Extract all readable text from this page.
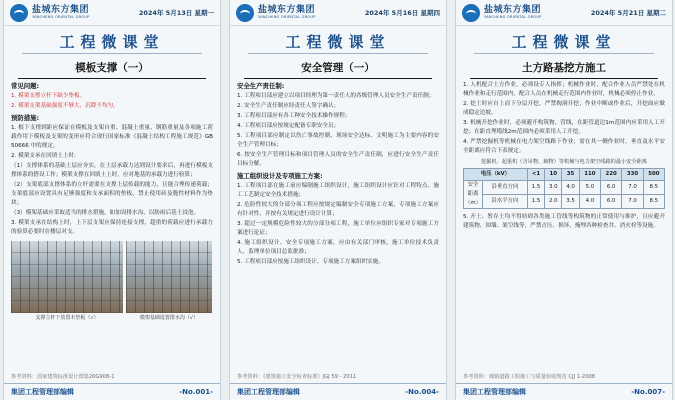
盐城东方集团
YANCHENG ORIENTAL GROUP	2024年 5月13日 星期一
工程微课堂
模板支撑（一）
常见问题:
1. 模架支撑立杆下缺少垫板。
2. 模架支架基础强度不够大，沉降不均匀。
预防措施:
1. 根下支撑到距应保证在模板及支架自重、混凝土重量、钢筋重量及各项施工荷载作用下模板及支架的变形应符合现行国家标准《混凝土结构工程施工规范》GB 50666 中的规定。
2. 模架支承在回填土上时:
（1）支撑体系的基础土层应夯实，在土层承载力达到设计要求后，再进行模板支撑体系的搭设工作；模架支撑在回填土上时，应对地基的承载力进行验算；
（2）支架底部支撑体系的立杆需要在支撑上层传载的能力，且能合理传递荷载；支架底部应设置具有足够强度和支承面积的垫板，禁止使用砖及脆性材料作为垫块；
（3）模架基础应采取适当的排水措施，如加设排水沟，以防雨后基土浸泡。
3. 模架支承在结构上时，上下层支架应保持连接支撑，超重的荷载应进行承载力的验算必要时在楼层对支。
支撑立杆下放置木垫板（√）	模架基础设置排水沟（√）
参考资料：国家建筑标准设计图集20G908-1
集团工程管理部编辑	-No.001-
盐城东方集团
YANCHENG ORIENTAL GROUP	2024年 5月16日 星期四
工程微课堂
安全管理（一）
安全生产责任制:
1. 工程项目部应建立以项目经理为第一责任人的各级管理人员安全生产责任制；
2. 安全生产责任制应经责任人签字确认；
3. 工程项目部应有各工种安全技术操作规程；
4. 工程项目部应按规定配备专职安全员；
5. 工程项目部应制定以伤亡事故控制、现场安全达标、文明施工为主要内容的安全生产管理目标；
6. 按安全生产管理目标和项目管理人员的安全生产责任制，应进行安全生产责任目标分解。
施工组织设计及专项施工方案:
1. 工程项目部在施工前应编制施工组织设计，施工组织设计应针对工程特点、施工工艺制定安全技术措施；
2. 危险性较大的分部分项工程应按规定编制安全专项施工方案，专项施工方案应有针对性，并按有关规定进行设计计算；
3. 超过一定规模危险性较大的分部分项工程，施工单位应组织专家对专项施工方案进行论证；
4. 施工组织设计、安全专项施工方案，应由有关部门审核，施工单位技术负责人、监理单位项目总监批准；
5. 工程项目部应按施工组织设计、专项施工方案组织实施。
参考资料：《建筑施工安全检查标准》JGJ 59 - 2011
集团工程管理部编辑	-No.004-
盐城东方集团
YANCHENG ORIENTAL GROUP	2024年 5月21日 星期二
工程微课堂
土方路基挖方施工
1. 人机配合土方作业，必须设专人指挥；机械作业时，配合作业人员严禁处在机械作业和走行范围内，配合人员在机械走行范围内作业时，机械必须停止作业。
2. 挖土时应自上而下分层开挖，严禁掏洞开挖；作业中断或作业后，开挖面应做成稳定边坡。
3. 机械开挖作业时，必须避开构筑物、管线，在距管道边1m范围内应采用人工开挖；在距直埋缆线2m范围内必须采用人工开挖。
4. 严禁挖掘机等机械在电力架空线路下作业；需在其一侧作业时，垂直及水平安全距离应符合下表规定。
挖掘机、起重机（含吊物、载物）等机械与电力架空线路的最小安全距离
电压（kV）		<1	10	35	110	220	330	500
安全距离（m）	沿垂直方向	1.5	3.0	4.0	5.0	6.0	7.0	8.5
	沿水平方向	1.5	2.0	3.5	4.0	6.0	7.0	8.5
5. 开土、暂存土均不得妨碍各类施工管线等构筑物的正常使用与维护，且应避开建筑物、围墙、架空线等，严禁占压、损坏、掩埋各种检查井、消火栓等设施。
参考资料：城镇道路工程施工与质量验收规范 CJJ 1-2008
集团工程管理部编辑	-No.007-
